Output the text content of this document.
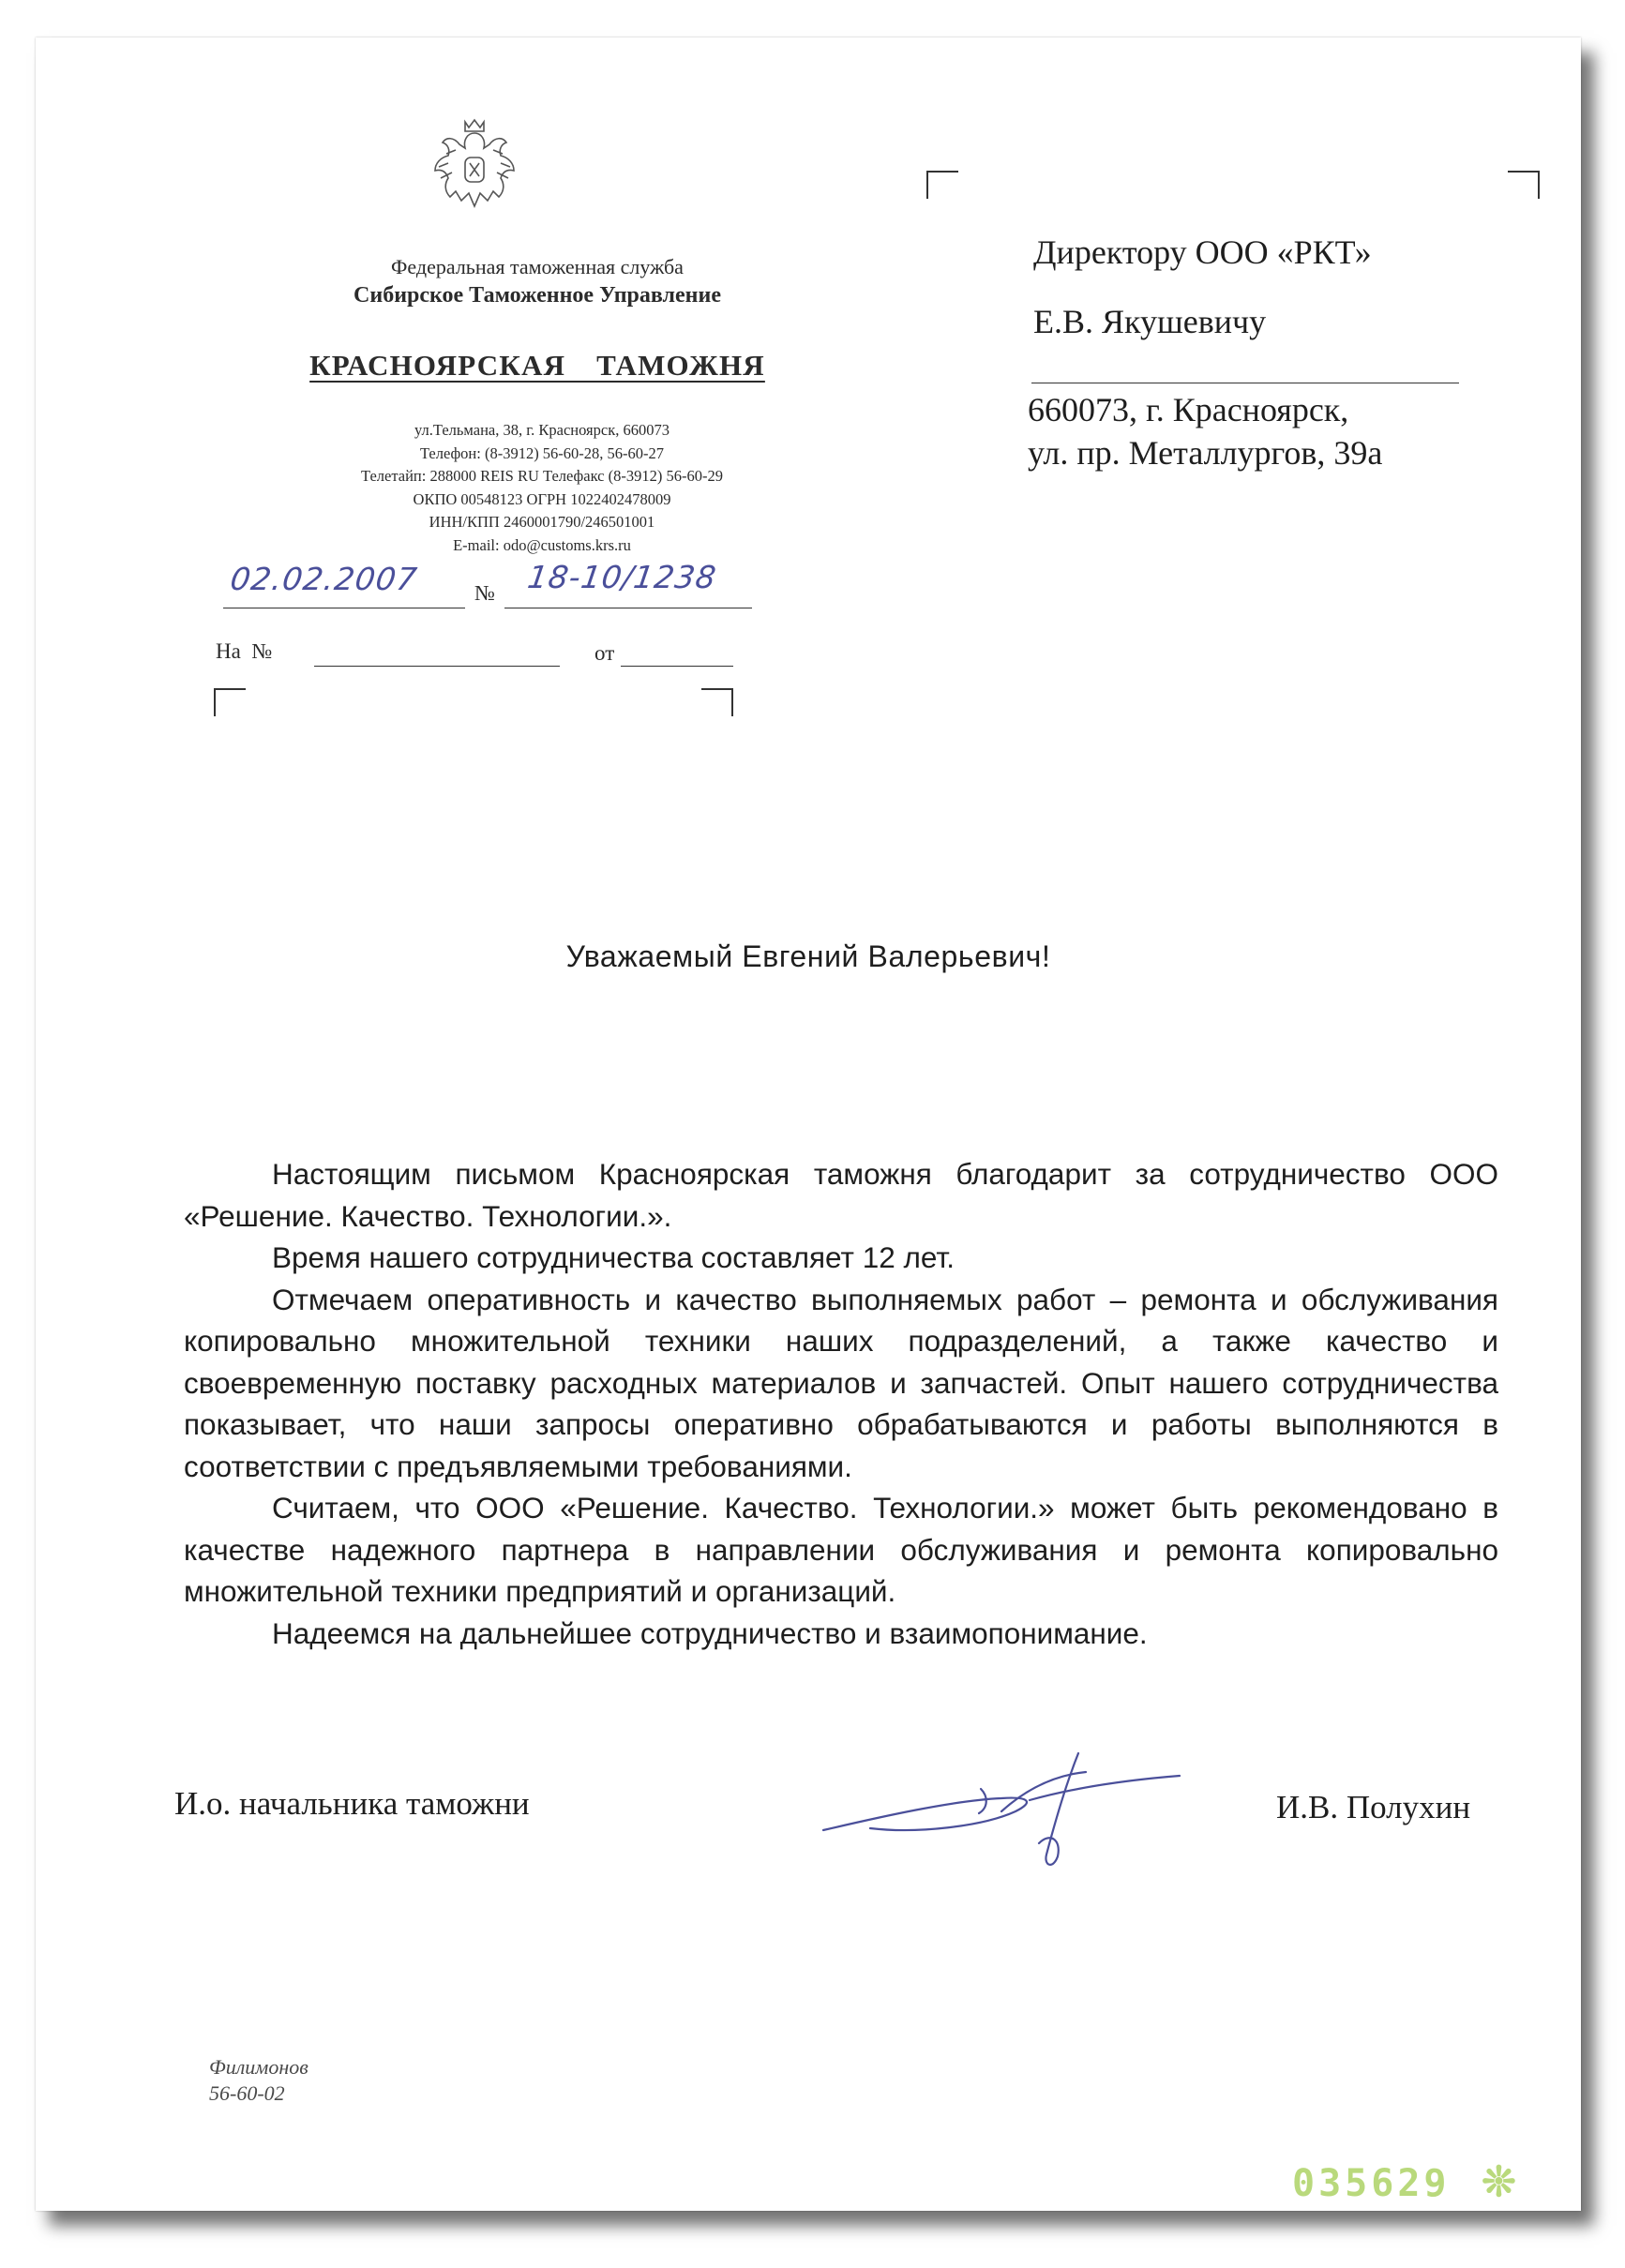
Федеральная таможенная служба
Сибирское Таможенное Управление
КРАСНОЯРСКАЯ ТАМОЖНЯ
ул.Тельмана, 38, г. Красноярск, 660073
Телефон: (8-3912) 56-60-28, 56-60-27
Телетайп: 288000 REIS RU Телефакс (8-3912) 56-60-29
ОКПО 00548123 ОГРН 1022402478009
ИНН/КПП 2460001790/246501001
E-mail: odo@customs.krs.ru
02.02.2007	№ 18-10/1238
На  №	от
Директору ООО «РКТ»
Е.В. Якушевичу
660073, г. Красноярск,
ул. пр. Металлургов, 39а
Уважаемый Евгений Валерьевич!

Настоящим письмом Красноярская таможня благодарит за сотрудничество ООО «Решение. Качество. Технологии.».

Время нашего сотрудничества составляет 12 лет.

Отмечаем оперативность и качество выполняемых работ – ремонта и обслуживания копировально множительной техники наших подразделений, а также качество и своевременную поставку расходных материалов и запчастей. Опыт нашего сотрудничества показывает, что наши запросы оперативно обрабатываются и работы выполняются в соответствии с предъявляемыми требованиями.

Считаем, что ООО «Решение. Качество. Технологии.» может быть рекомендовано в качестве надежного партнера в направлении обслуживания и ремонта копировально множительной техники предприятий и организаций.

Надеемся на дальнейшее сотрудничество и взаимопонимание.

И.о. начальника таможни	И.В. Полухин
Филимонов
56-60-02
035629 ❊
